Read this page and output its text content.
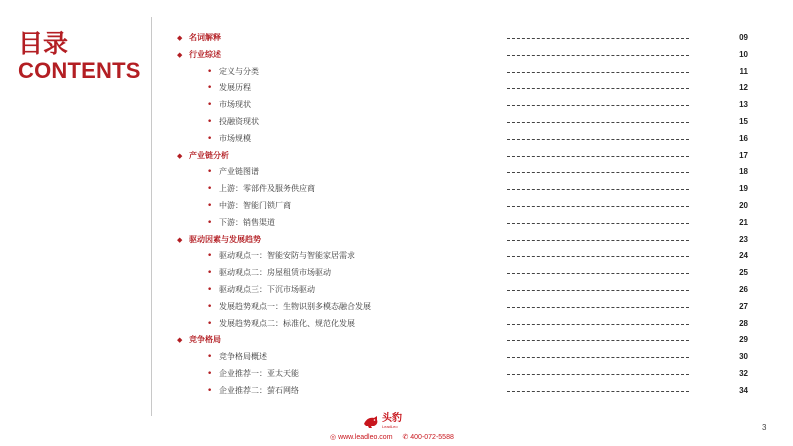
目录
CONTENTS
◆ 名词解释	09
◆ 行业综述	10
• 定义与分类	11
• 发展历程	12
• 市场现状	13
• 投融资现状	15
• 市场规模	16
◆ 产业链分析	17
• 产业链图谱	18
• 上游：零部件及服务供应商	19
• 中游：智能门锁厂商	20
• 下游：销售渠道	21
◆ 驱动因素与发展趋势	23
• 驱动观点一：智能安防与智能家居需求	24
• 驱动观点二：房屋租赁市场驱动	25
• 驱动观点三：下沉市场驱动	26
• 发展趋势观点一：生物识别多模态融合发展	27
• 发展趋势观点二：标准化、规范化发展	28
◆ 竞争格局	29
• 竞争格局概述	30
• 企业推荐一：亚太天能	32
• 企业推荐二：萤石网络	34
头豹
LeadLeo
◎ www.leadleo.com ✆ 400-072-5588
3
